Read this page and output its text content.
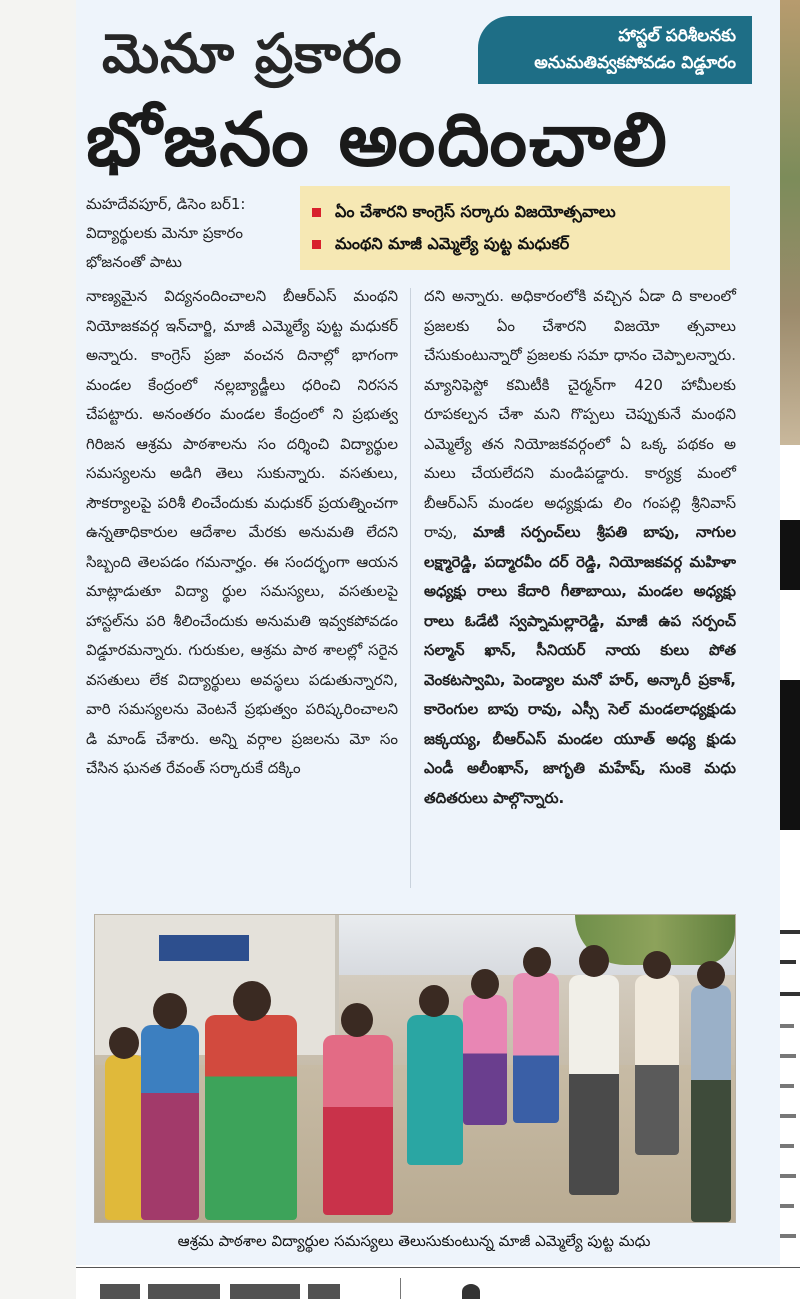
మెనూ ప్రకారం
భోజనం అందించాలి
హాస్టల్ పరిశీలనకు
అనుమతివ్వకపోవడం విడ్డూరం
మహదేవపూర్, డిసెం బర్1: విద్యార్థులకు మెనూ ప్రకారం భోజనంతో పాటు
ఏం చేశారని కాంగ్రెస్ సర్కారు విజయోత్సవాలు
మంథని మాజీ ఎమ్మెల్యే పుట్ట మధుకర్
నాణ్యమైన విద్యనందించాలని బీఆర్ఎస్ మంథని నియోజకవర్గ ఇన్‌చార్జి, మాజీ ఎమ్మెల్యే పుట్ట మధుకర్ అన్నారు. కాంగ్రెస్ ప్రజా వంచన దినాల్లో భాగంగా మండల కేంద్రంలో నల్లబ్యాడ్జీలు ధరించి నిరసన చేపట్టారు. అనంతరం మండల కేంద్రంలో ని ప్రభుత్వ గిరిజన ఆశ్రమ పాఠశాలను సం దర్శించి విద్యార్థుల సమస్యలను అడిగి తెలు సుకున్నారు. వసతులు, సౌకర్యాలపై పరిశీ లించేందుకు మధుకర్ ప్రయత్నించగా ఉన్నతాధికారుల ఆదేశాల మేరకు అనుమతి లేదని సిబ్బంది తెలపడం గమనార్హం. ఈ సందర్భంగా ఆయన మాట్లాడుతూ విద్యా ర్థుల సమస్యలు, వసతులపై హాస్టల్‌ను పరి శీలించేందుకు అనుమతి ఇవ్వకపోవడం విడ్డూరమన్నారు. గురుకుల, ఆశ్రమ పాఠ శాలల్లో సరైన వసతులు లేక విద్యార్థులు అవస్థలు పడుతున్నారని, వారి సమస్యలను వెంటనే ప్రభుత్వం పరిష్కరించాలని డి మాండ్ చేశారు. అన్ని వర్గాల ప్రజలను మో సం చేసిన ఘనత రేవంత్ సర్కారుకే దక్కిం
దని అన్నారు. అధికారంలోకి వచ్చిన ఏడా ది కాలంలో ప్రజలకు ఏం చేశారని విజయో త్సవాలు చేసుకుంటున్నారో ప్రజలకు సమా ధానం చెప్పాలన్నారు. మ్యానిఫెస్టో కమిటీకి చైర్మన్‌గా 420 హామీలకు రూపకల్పన చేశా మని గొప్పలు చెప్పుకునే మంథని ఎమ్మెల్యే తన నియోజకవర్గంలో ఏ ఒక్క పథకం అ మలు చేయలేదని మండిపడ్డారు. కార్యక్ర మంలో బీఆర్ఎస్ మండల అధ్యక్షుడు లిం గంపల్లి శ్రీనివాస్ రావు, మాజీ సర్పంచ్‌లు శ్రీపతి బాపు, నాగుల లక్ష్మారెడ్డి, పద్మారవీం దర్ రెడ్డి, నియోజకవర్గ మహిళా అధ్యక్షు రాలు కేదారి గీతాబాయి, మండల అధ్యక్షు రాలు ఓడేటి స్వప్నామల్లారెడ్డి, మాజీ ఉప సర్పంచ్ సల్మాన్ ఖాన్, సీనియర్ నాయ కులు పోత వెంకటస్వామి, పెండ్యాల మనో హర్, అన్కారీ ప్రకాశ్, కారెంగుల బాపు రావు, ఎస్సీ సెల్ మండలాధ్యక్షుడు జక్కయ్య, బీఆర్ఎస్ మండల యూత్ అధ్య క్షుడు ఎండీ అలీంఖాన్, జాగృతి మహేష్, సుంకె మధు తదితరులు పాల్గొన్నారు.
ఆశ్రమ పాఠశాల విద్యార్థుల సమస్యలు తెలుసుకుంటున్న మాజీ ఎమ్మెల్యే పుట్ట మధు
